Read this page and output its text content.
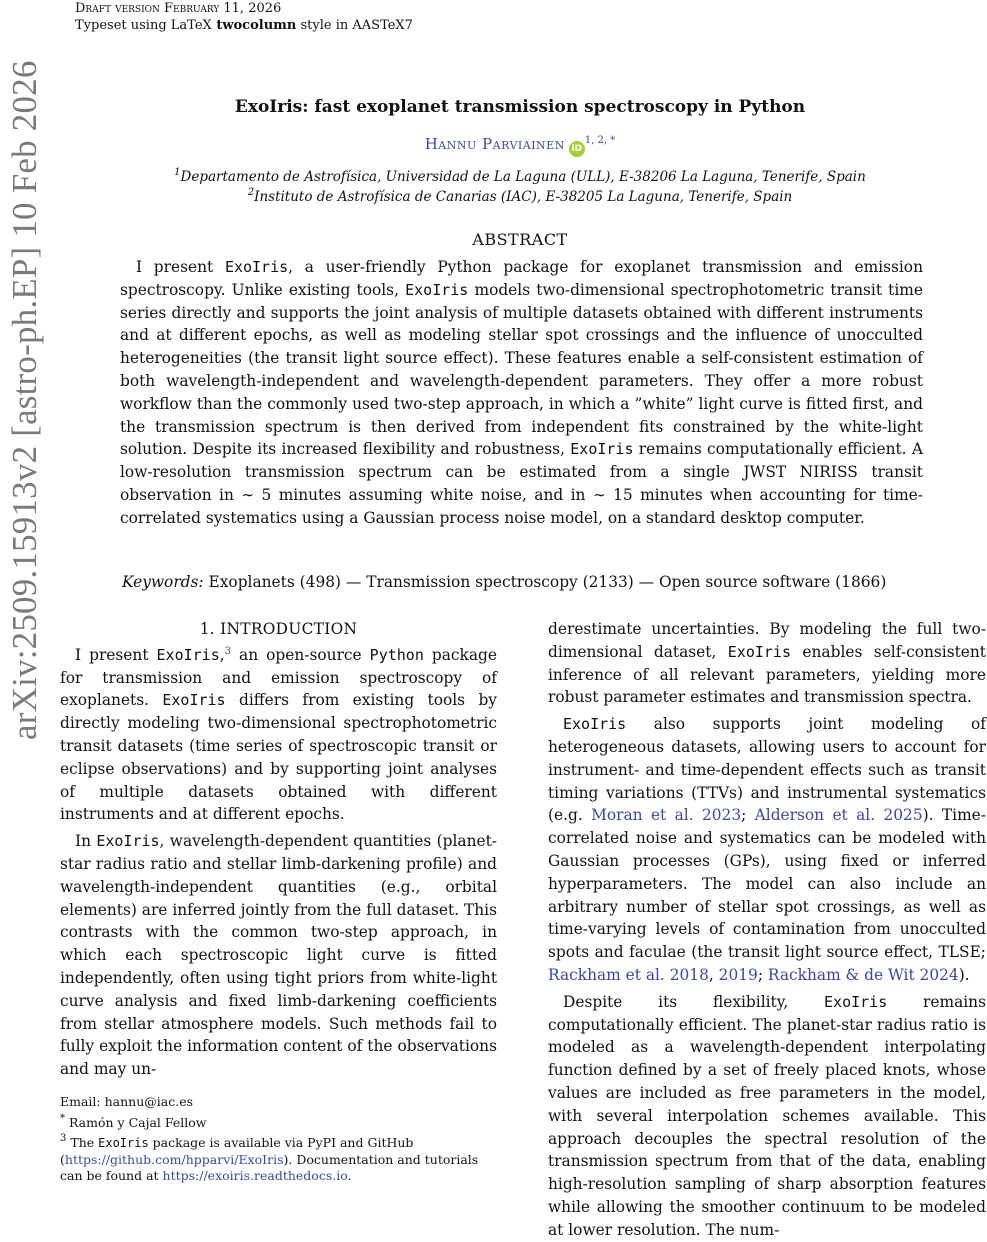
Draft version February 11, 2026
Typeset using LaTeX twocolumn style in AASTeX7
arXiv:2509.15913v2 [astro-ph.EP] 10 Feb 2026	ExoIris: fast exoplanet transmission spectroscopy in Python
Hannu Parviainen $iD^{1, 2, *}$
$^1$Departamento de Astrofísica, Universidad de La Laguna (ULL), E-38206 La Laguna, Tenerife, Spain
$^2$Instituto de Astrofísica de Canarias (IAC), E-38205 La Laguna, Tenerife, Spain
ABSTRACT
I present ExoIris, a user-friendly Python package for exoplanet transmission and emission spectroscopy. Unlike existing tools, ExoIris models two-dimensional spectrophotometric transit time series directly and supports the joint analysis of multiple datasets obtained with different instruments and at different epochs, as well as modeling stellar spot crossings and the influence of unocculted heterogeneities (the transit light source effect). These features enable a self-consistent estimation of both wavelength-independent and wavelength-dependent parameters. They offer a more robust workflow than the commonly used two-step approach, in which a ”white” light curve is fitted first, and the transmission spectrum is then derived from independent fits constrained by the white-light solution. Despite its increased flexibility and robustness, ExoIris remains computationally efficient. A low-resolution transmission spectrum can be estimated from a single JWST NIRISS transit observation in ∼ 5 minutes assuming white noise, and in ∼ 15 minutes when accounting for time-correlated systematics using a Gaussian process noise model, on a standard desktop computer.
Keywords: Exoplanets (498) — Transmission spectroscopy (2133) — Open source software (1866)
1. INTRODUCTION

I present ExoIris,$^3$ an open-source Python package for transmission and emission spectroscopy of exoplanets. ExoIris differs from existing tools by directly modeling two-dimensional spectrophotometric transit datasets (time series of spectroscopic transit or eclipse observations) and by supporting joint analyses of multiple datasets obtained with different instruments and at different epochs.

In ExoIris, wavelength-dependent quantities (planet-star radius ratio and stellar limb-darkening profile) and wavelength-independent quantities (e.g., orbital elements) are inferred jointly from the full dataset. This contrasts with the common two-step approach, in which each spectroscopic light curve is fitted independently, often using tight priors from white-light curve analysis and fixed limb-darkening coefficients from stellar atmosphere models. Such methods fail to fully exploit the information content of the observations and may un-

derestimate uncertainties. By modeling the full two-dimensional dataset, ExoIris enables self-consistent inference of all relevant parameters, yielding more robust parameter estimates and transmission spectra.

ExoIris also supports joint modeling of heterogeneous datasets, allowing users to account for instrument- and time-dependent effects such as transit timing variations (TTVs) and instrumental systematics (e.g. Moran et al. 2023; Alderson et al. 2025). Time-correlated noise and systematics can be modeled with Gaussian processes (GPs), using fixed or inferred hyperparameters. The model can also include an arbitrary number of stellar spot crossings, as well as time-varying levels of contamination from unocculted spots and faculae (the transit light source effect, TLSE; Rackham et al. 2018, 2019; Rackham & de Wit 2024).

Despite its flexibility, ExoIris remains computationally efficient. The planet-star radius ratio is modeled as a wavelength-dependent interpolating function defined by a set of freely placed knots, whose values are included as free parameters in the model, with several interpolation schemes available. This approach decouples the spectral resolution of the transmission spectrum from that of the data, enabling high-resolution sampling of sharp absorption features while allowing the smoother continuum to be modeled at lower resolution. The num-

Email: hannu@iac.es
* Ramón y Cajal Fellow
$^3$ The ExoIris package is available via PyPI and GitHub (https://github.com/hpparvi/ExoIris). Documentation and tutorials can be found at https://exoiris.readthedocs.io.
